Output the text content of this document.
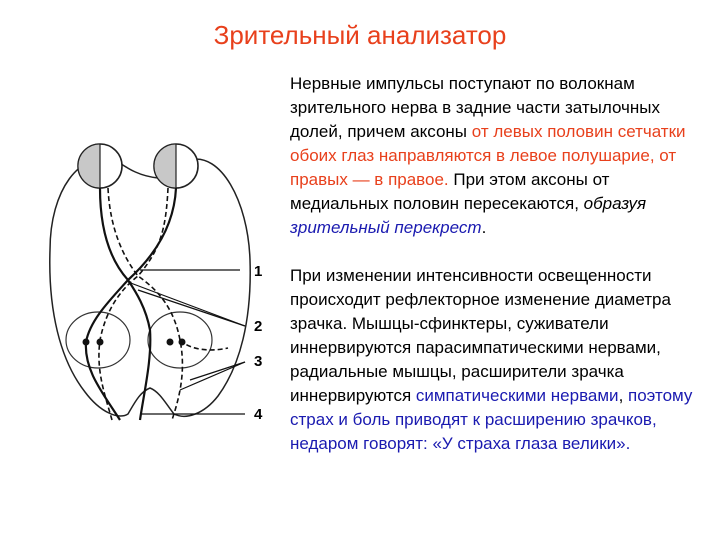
Зрительный анализатор
1
2
3
4

Нервные импульсы поступают по волокнам зрительного нерва в задние части затылочных долей, причем аксоны от левых половин сетчатки обоих глаз направляются в левое полушарие, от правых — в правое. При этом аксоны от медиальных половин пересекаются, образуя зрительный перекрест.

При изменении интенсивности освещенности происходит рефлекторное изменение диаметра зрачка. Мышцы-сфинктеры, суживатели иннервируются парасимпатическими нервами, радиальные мышцы, расширители зрачка иннервируются симпатическими нервами, поэтому страх и боль приводят к расширению зрачков, недаром говорят: «У страха глаза велики».
